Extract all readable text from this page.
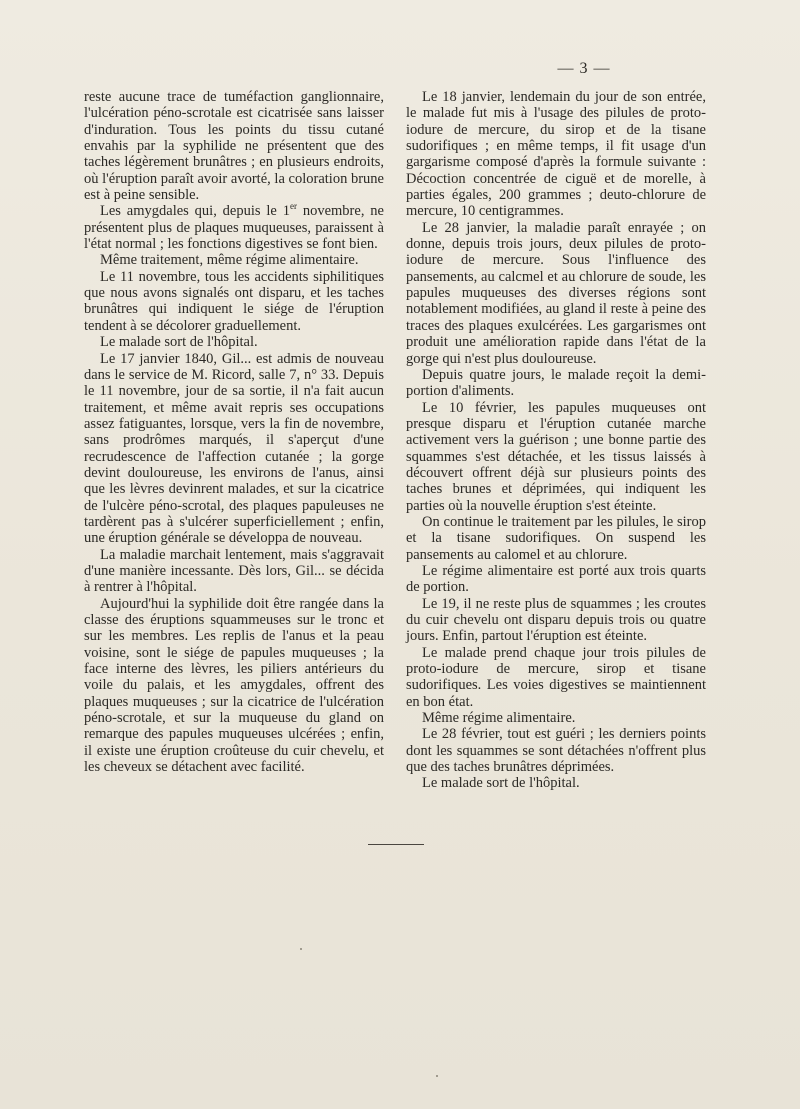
— 3 —

reste aucune trace de tuméfaction ganglionnaire, l'ulcération péno-scrotale est cicatrisée sans laisser d'induration. Tous les points du tissu cutané envahis par la syphilide ne présentent que des taches légèrement brunâtres ; en plusieurs endroits, où l'éruption paraît avoir avorté, la coloration brune est à peine sensible.

Les amygdales qui, depuis le 1er novembre, ne présentent plus de plaques muqueuses, paraissent à l'état normal ; les fonctions digestives se font bien.

Même traitement, même régime alimentaire.

Le 11 novembre, tous les accidents siphilitiques que nous avons signalés ont disparu, et les taches brunâtres qui indiquent le siége de l'éruption tendent à se décolorer graduellement.

Le malade sort de l'hôpital.

Le 17 janvier 1840, Gil... est admis de nouveau dans le service de M. Ricord, salle 7, n° 33. Depuis le 11 novembre, jour de sa sortie, il n'a fait aucun traitement, et même avait repris ses occupations assez fatiguantes, lorsque, vers la fin de novembre, sans prodrômes marqués, il s'aperçut d'une recrudescence de l'affection cutanée ; la gorge devint douloureuse, les environs de l'anus, ainsi que les lèvres devinrent malades, et sur la cicatrice de l'ulcère péno-scrotal, des plaques papuleuses ne tardèrent pas à s'ulcérer superficiellement ; enfin, une éruption générale se développa de nouveau.

La maladie marchait lentement, mais s'aggravait d'une manière incessante. Dès lors, Gil... se décida à rentrer à l'hôpital.

Aujourd'hui la syphilide doit être rangée dans la classe des éruptions squammeuses sur le tronc et sur les membres. Les replis de l'anus et la peau voisine, sont le siége de papules muqueuses ; la face interne des lèvres, les piliers antérieurs du voile du palais, et les amygdales, offrent des plaques muqueuses ; sur la cicatrice de l'ulcération péno-scrotale, et sur la muqueuse du gland on remarque des papules muqueuses ulcérées ; enfin, il existe une éruption croûteuse du cuir chevelu, et les cheveux se détachent avec facilité.

Le 18 janvier, lendemain du jour de son entrée, le malade fut mis à l'usage des pilules de proto-iodure de mercure, du sirop et de la tisane sudorifiques ; en même temps, il fit usage d'un gargarisme composé d'après la formule suivante : Décoction concentrée de ciguë et de morelle, à parties égales, 200 grammes ; deuto-chlorure de mercure, 10 centigrammes.

Le 28 janvier, la maladie paraît enrayée ; on donne, depuis trois jours, deux pilules de proto-iodure de mercure. Sous l'influence des pansements, au calcmel et au chlorure de soude, les papules muqueuses des diverses régions sont notablement modifiées, au gland il reste à peine des traces des plaques exulcérées. Les gargarismes ont produit une amélioration rapide dans l'état de la gorge qui n'est plus douloureuse.

Depuis quatre jours, le malade reçoit la demi-portion d'aliments.

Le 10 février, les papules muqueuses ont presque disparu et l'éruption cutanée marche activement vers la guérison ; une bonne partie des squammes s'est détachée, et les tissus laissés à découvert offrent déjà sur plusieurs points des taches brunes et déprimées, qui indiquent les parties où la nouvelle éruption s'est éteinte.

On continue le traitement par les pilules, le sirop et la tisane sudorifiques. On suspend les pansements au calomel et au chlorure.

Le régime alimentaire est porté aux trois quarts de portion.

Le 19, il ne reste plus de squammes ; les croutes du cuir chevelu ont disparu depuis trois ou quatre jours. Enfin, partout l'éruption est éteinte.

Le malade prend chaque jour trois pilules de proto-iodure de mercure, sirop et tisane sudorifiques. Les voies digestives se maintiennent en bon état.

Même régime alimentaire.

Le 28 février, tout est guéri ; les derniers points dont les squammes se sont détachées n'offrent plus que des taches brunâtres déprimées.

Le malade sort de l'hôpital.
